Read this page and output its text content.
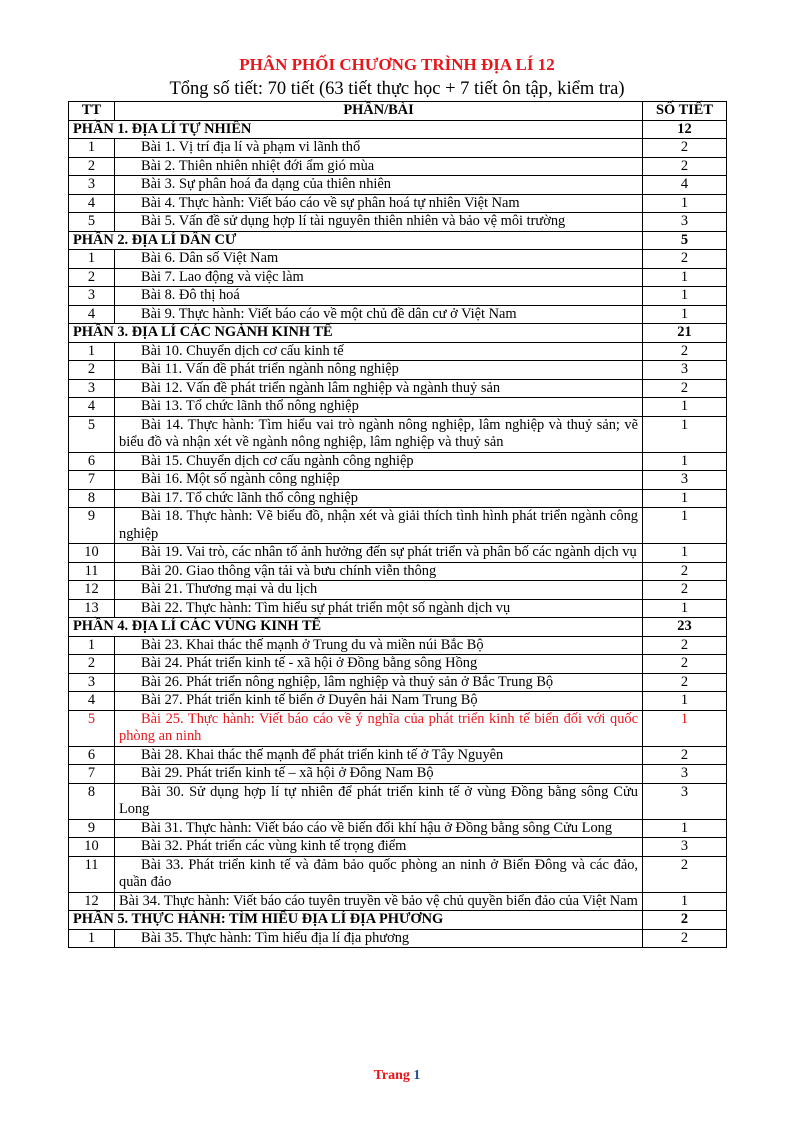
PHÂN PHỐI CHƯƠNG TRÌNH ĐỊA LÍ 12
Tổng số tiết: 70 tiết (63 tiết thực học + 7 tiết ôn tập, kiểm tra)
TT	PHẦN/BÀI	SỐ TIẾT
PHẦN 1. ĐỊA LÍ TỰ NHIÊN		12
1	Bài 1. Vị trí địa lí và phạm vi lãnh thổ	2
2	Bài 2. Thiên nhiên nhiệt đới ẩm gió mùa	2
3	Bài 3. Sự phân hoá đa dạng của thiên nhiên	4
4	Bài 4. Thực hành: Viết báo cáo về sự phân hoá tự nhiên Việt Nam	1
5	Bài 5. Vấn đề sử dụng hợp lí tài nguyên thiên nhiên và bảo vệ môi trường	3
PHẦN 2. ĐỊA LÍ DÂN CƯ		5
1	Bài 6. Dân số Việt Nam	2
2	Bài 7. Lao động và việc làm	1
3	Bài 8. Đô thị hoá	1
4	Bài 9. Thực hành: Viết báo cáo về một chủ đề dân cư ở Việt Nam	1
PHẦN 3. ĐỊA LÍ CÁC NGÀNH KINH TẾ		21
1	Bài 10. Chuyển dịch cơ cấu kinh tế	2
2	Bài 11. Vấn đề phát triển ngành nông nghiệp	3
3	Bài 12. Vấn đề phát triển ngành lâm nghiệp và ngành thuỷ sản	2
4	Bài 13. Tổ chức lãnh thổ nông nghiệp	1
5	Bài 14. Thực hành: Tìm hiểu vai trò ngành nông nghiệp, lâm nghiệp và thuỷ sản; vẽ biểu đồ và nhận xét về ngành nông nghiệp, lâm nghiệp và thuỷ sản	1
6	Bài 15. Chuyển dịch cơ cấu ngành công nghiệp	1
7	Bài 16. Một số ngành công nghiệp	3
8	Bài 17. Tổ chức lãnh thổ công nghiệp	1
9	Bài 18. Thực hành: Vẽ biểu đồ, nhận xét và giải thích tình hình phát triển ngành công nghiệp	1
10	Bài 19. Vai trò, các nhân tố ảnh hưởng đến sự phát triển và phân bố các ngành dịch vụ	1
11	Bài 20. Giao thông vận tải và bưu chính viễn thông	2
12	Bài 21. Thương mại và du lịch	2
13	Bài 22. Thực hành: Tìm hiểu sự phát triển một số ngành dịch vụ	1
PHẦN 4. ĐỊA LÍ CÁC VÙNG KINH TẾ		23
1	Bài 23. Khai thác thế mạnh ở Trung du và miền núi Bắc Bộ	2
2	Bài 24. Phát triển kinh tế - xã hội ở Đồng bằng sông Hồng	2
3	Bài 26. Phát triển nông nghiệp, lâm nghiệp và thuỷ sản ở Bắc Trung Bộ	2
4	Bài 27. Phát triển kinh tế biển ở Duyên hải Nam Trung Bộ	1
5	Bài 25. Thực hành: Viết báo cáo về ý nghĩa của phát triển kinh tế biển đối với quốc phòng an ninh	1
6	Bài 28. Khai thác thế mạnh để phát triển kinh tế ở Tây Nguyên	2
7	Bài 29. Phát triển kinh tế – xã hội ở Đông Nam Bộ	3
8	Bài 30. Sử dụng hợp lí tự nhiên để phát triển kinh tế ở vùng Đồng bằng sông Cửu Long	3
9	Bài 31. Thực hành: Viết báo cáo về biến đổi khí hậu ở Đồng bằng sông Cửu Long	1
10	Bài 32. Phát triển các vùng kinh tế trọng điểm	3
11	Bài 33. Phát triển kinh tế và đảm bảo quốc phòng an ninh ở Biển Đông và các đảo, quần đảo	2
12	Bài 34. Thực hành: Viết báo cáo tuyên truyền về bảo vệ chủ quyền biển đảo của Việt Nam	1
PHẦN 5. THỰC HÀNH: TÌM HIỂU ĐỊA LÍ ĐỊA PHƯƠNG		2
1	Bài 35. Thực hành: Tìm hiểu địa lí địa phương	2
Trang 1
